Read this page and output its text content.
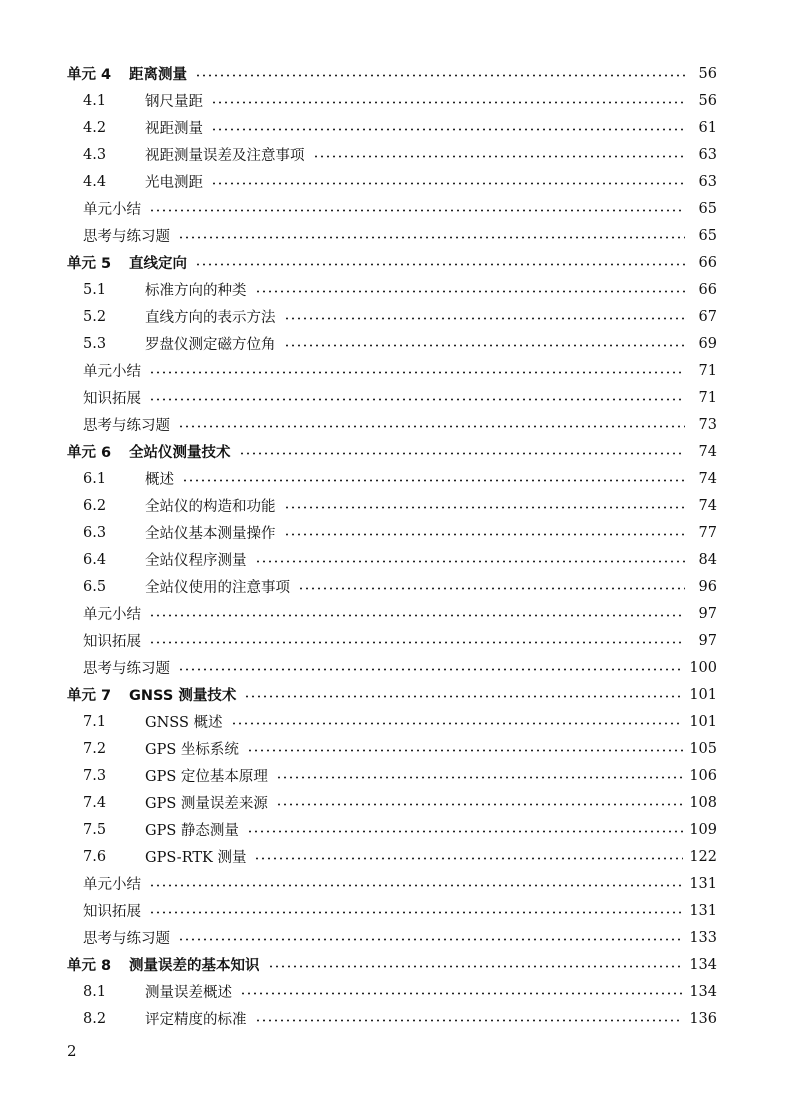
单元 4	距离测量	56
4.1	钢尺量距	56
4.2	视距测量	61
4.3	视距测量误差及注意事项	63
4.4	光电测距	63
单元小结	65
思考与练习题	65
单元 5	直线定向	66
5.1	标准方向的种类	66
5.2	直线方向的表示方法	67
5.3	罗盘仪测定磁方位角	69
单元小结	71
知识拓展	71
思考与练习题	73
单元 6	全站仪测量技术	74
6.1	概述	74
6.2	全站仪的构造和功能	74
6.3	全站仪基本测量操作	77
6.4	全站仪程序测量	84
6.5	全站仪使用的注意事项	96
单元小结	97
知识拓展	97
思考与练习题	100
单元 7	GNSS 测量技术	101
7.1	GNSS 概述	101
7.2	GPS 坐标系统	105
7.3	GPS 定位基本原理	106
7.4	GPS 测量误差来源	108
7.5	GPS 静态测量	109
7.6	GPS-RTK 测量	122
单元小结	131
知识拓展	131
思考与练习题	133
单元 8	测量误差的基本知识	134
8.1	测量误差概述	134
8.2	评定精度的标准	136
2
